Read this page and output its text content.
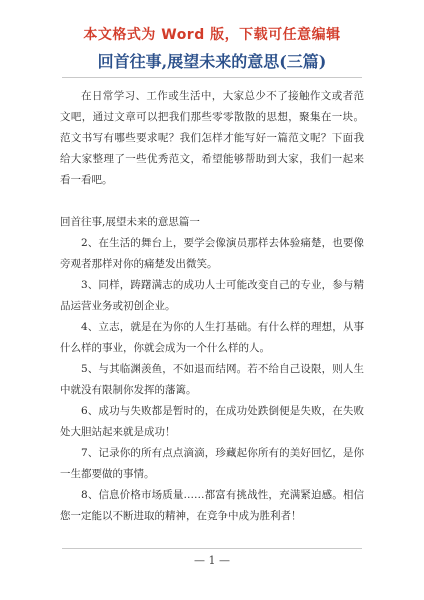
本文格式为 Word 版，下载可任意编辑
回首往事,展望未来的意思(三篇)

在日常学习、工作或生活中，大家总少不了接触作文或者范文吧，通过文章可以把我们那些零零散散的思想，聚集在一块。范文书写有哪些要求呢？我们怎样才能写好一篇范文呢？下面我给大家整理了一些优秀范文，希望能够帮助到大家，我们一起来看一看吧。

回首往事,展望未来的意思篇一

2、在生活的舞台上，要学会像演员那样去体验痛楚，也要像旁观者那样对你的痛楚发出微笑。

3、同样，踌躇满志的成功人士可能改变自己的专业，参与精品运营业务或初创企业。

4、立志，就是在为你的人生打基础。有什么样的理想，从事什么样的事业，你就会成为一个什么样的人。

5、与其临渊羡鱼，不如退而结网。若不给自己设限，则人生中就没有限制你发挥的藩篱。

6、成功与失败都是暂时的，在成功处跌倒便是失败，在失败处大胆站起来就是成功！

7、记录你的所有点点滴滴，珍藏起你所有的美好回忆，是你一生都要做的事情。

8、信息价格市场质量……都富有挑战性，充满紧迫感。相信您一定能以不断进取的精神，在竞争中成为胜利者！

— 1 —
